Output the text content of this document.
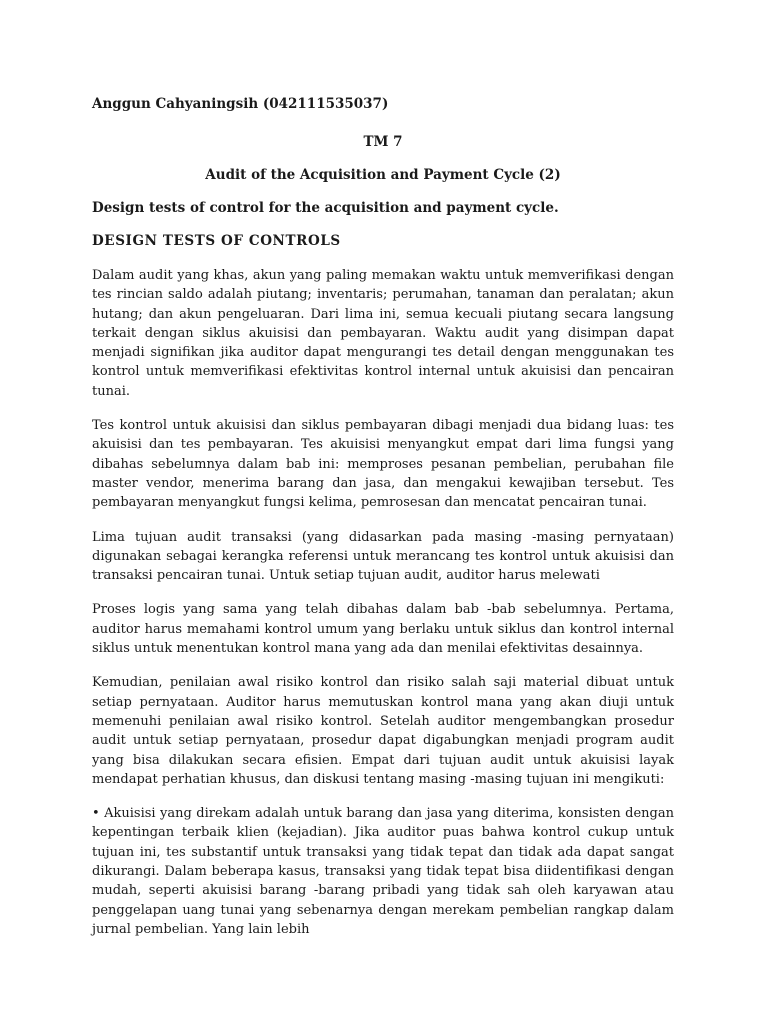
Anggun Cahyaningsih (042111535037)
TM 7
Audit of the Acquisition and Payment Cycle (2)
Design tests of control for the acquisition and payment cycle.
DESIGN TESTS OF CONTROLS

Dalam audit yang khas, akun yang paling memakan waktu untuk memverifikasi dengan tes rincian saldo adalah piutang; inventaris; perumahan, tanaman dan peralatan; akun hutang; dan akun pengeluaran. Dari lima ini, semua kecuali piutang secara langsung terkait dengan siklus akuisisi dan pembayaran. Waktu audit yang disimpan dapat menjadi signifikan jika auditor dapat mengurangi tes detail dengan menggunakan tes kontrol untuk memverifikasi efektivitas kontrol internal untuk akuisisi dan pencairan tunai.

Tes kontrol untuk akuisisi dan siklus pembayaran dibagi menjadi dua bidang luas: tes akuisisi dan tes pembayaran. Tes akuisisi menyangkut empat dari lima fungsi yang dibahas sebelumnya dalam bab ini: memproses pesanan pembelian, perubahan file master vendor, menerima barang dan jasa, dan mengakui kewajiban tersebut. Tes pembayaran menyangkut fungsi kelima, pemrosesan dan mencatat pencairan tunai.

Lima tujuan audit transaksi (yang didasarkan pada masing -masing pernyataan) digunakan sebagai kerangka referensi untuk merancang tes kontrol untuk akuisisi dan transaksi pencairan tunai. Untuk setiap tujuan audit, auditor harus melewati

Proses logis yang sama yang telah dibahas dalam bab -bab sebelumnya. Pertama, auditor harus memahami kontrol umum yang berlaku untuk siklus dan kontrol internal siklus untuk menentukan kontrol mana yang ada dan menilai efektivitas desainnya.

Kemudian, penilaian awal risiko kontrol dan risiko salah saji material dibuat untuk setiap pernyataan. Auditor harus memutuskan kontrol mana yang akan diuji untuk memenuhi penilaian awal risiko kontrol. Setelah auditor mengembangkan prosedur audit untuk setiap pernyataan, prosedur dapat digabungkan menjadi program audit yang bisa dilakukan secara efisien. Empat dari tujuan audit untuk akuisisi layak mendapat perhatian khusus, dan diskusi tentang masing -masing tujuan ini mengikuti:

• Akuisisi yang direkam adalah untuk barang dan jasa yang diterima, konsisten dengan kepentingan terbaik klien (kejadian). Jika auditor puas bahwa kontrol cukup untuk tujuan ini, tes substantif untuk transaksi yang tidak tepat dan tidak ada dapat sangat dikurangi. Dalam beberapa kasus, transaksi yang tidak tepat bisa diidentifikasi dengan mudah, seperti akuisisi barang -barang pribadi yang tidak sah oleh karyawan atau penggelapan uang tunai yang sebenarnya dengan merekam pembelian rangkap dalam jurnal pembelian. Yang lain lebih
